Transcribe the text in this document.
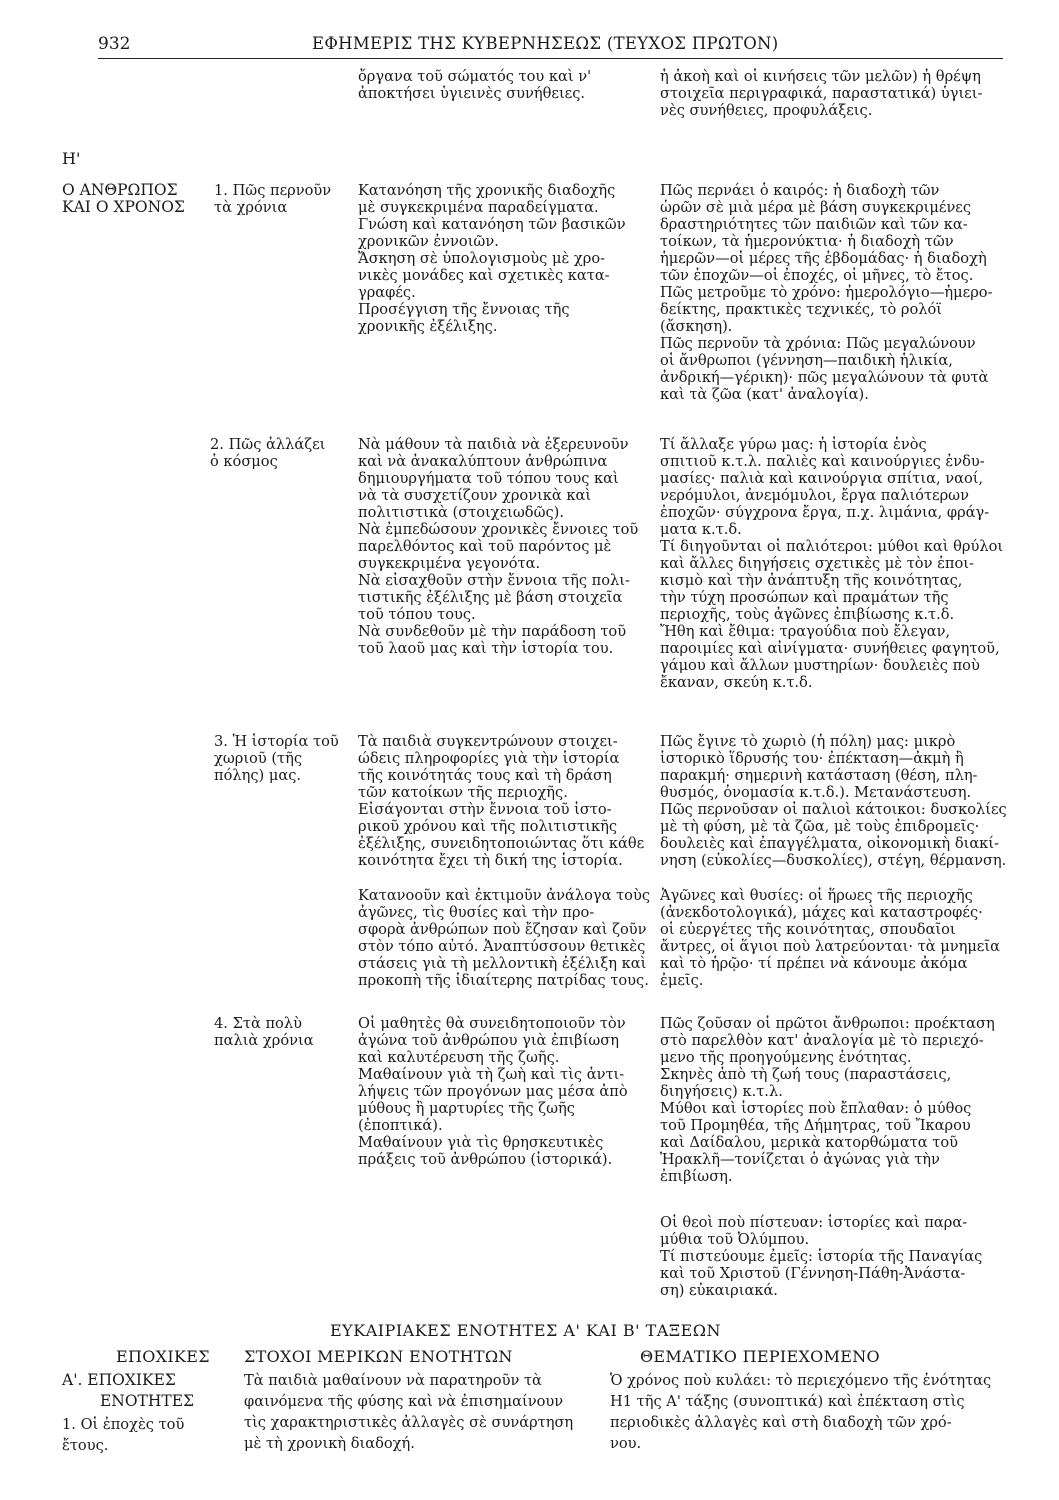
932	ΕΦΗΜΕΡΙΣ ΤΗΣ ΚΥΒΕΡΝΗΣΕΩΣ (ΤΕΥΧΟΣ ΠΡΩΤΟΝ)
ὄργανα τοῦ σώματός του καὶ ν'
ἀποκτήσει ὑγιεινὲς συνήθειες.
ἡ ἀκοὴ καὶ οἱ κινήσεις τῶν μελῶν) ἡ θρέψη
στοιχεῖα περιγραφικά, παραστατικά) ὑγιει-
νὲς συνήθειες, προφυλάξεις.
Η'
Ο ΑΝΘΡΩΠΟΣ
ΚΑΙ Ο ΧΡΟΝΟΣ
1. Πῶς περνοῦν
τὰ χρόνια
Κατανόηση τῆς χρονικῆς διαδοχῆς
μὲ συγκεκριμένα παραδείγματα.
Γνώση καὶ κατανόηση τῶν βασικῶν
χρονικῶν ἐννοιῶν.
Ἄσκηση σὲ ὑπολογισμοὺς μὲ χρο-
νικὲς μονάδες καὶ σχετικὲς κατα-
γραφές.
Προσέγγιση τῆς ἔννοιας τῆς
χρονικῆς ἐξέλιξης.
Πῶς περνάει ὁ καιρός: ἡ διαδοχὴ τῶν
ὡρῶν σὲ μιὰ μέρα μὲ βάση συγκεκριμένες
δραστηριότητες τῶν παιδιῶν καὶ τῶν κα-
τοίκων, τὰ ἡμερονύκτια· ἡ διαδοχὴ τῶν
ἡμερῶν—οἱ μέρες τῆς ἑβδομάδας· ἡ διαδοχὴ
τῶν ἐποχῶν—οἱ ἐποχές, οἱ μῆνες, τὸ ἔτος.
Πῶς μετροῦμε τὸ χρόνο: ἡμερολόγιο—ἡμερο-
δείκτης, πρακτικὲς τεχνικές, τὸ ρολόϊ
(ἄσκηση).
Πῶς περνοῦν τὰ χρόνια: Πῶς μεγαλώνουν
οἱ ἄνθρωποι (γέννηση—παιδικὴ ἡλικία,
ἀνδρική—γέρικη)· πῶς μεγαλώνουν τὰ φυτὰ
καὶ τὰ ζῶα (κατ' ἀναλογία).
2. Πῶς ἀλλάζει
ὁ κόσμος
Νὰ μάθουν τὰ παιδιὰ νὰ ἐξερευνοῦν
καὶ νὰ ἀνακαλύπτουν ἀνθρώπινα
δημιουργήματα τοῦ τόπου τους καὶ
νὰ τὰ συσχετίζουν χρονικὰ καὶ
πολιτιστικὰ (στοιχειωδῶς).
Νὰ ἐμπεδώσουν χρονικὲς ἔννοιες τοῦ
παρελθόντος καὶ τοῦ παρόντος μὲ
συγκεκριμένα γεγονότα.
Νὰ εἰσαχθοῦν στὴν ἔννοια τῆς πολι-
τιστικῆς ἐξέλιξης μὲ βάση στοιχεῖα
τοῦ τόπου τους.
Νὰ συνδεθοῦν μὲ τὴν παράδοση τοῦ
τοῦ λαοῦ μας καὶ τὴν ἱστορία του.
Τί ἄλλαξε γύρω μας: ἡ ἱστορία ἑνὸς
σπιτιοῦ κ.τ.λ. παλιὲς καὶ καινούργιες ἐνδυ-
μασίες· παλιὰ καὶ καινούργια σπίτια, ναοί,
νερόμυλοι, ἀνεμόμυλοι, ἔργα παλιότερων
ἐποχῶν· σύγχρονα ἔργα, π.χ. λιμάνια, φράγ-
ματα κ.τ.δ.
Τί διηγοῦνται οἱ παλιότεροι: μύθοι καὶ θρύλοι
καὶ ἄλλες διηγήσεις σχετικὲς μὲ τὸν ἐποι-
κισμὸ καὶ τὴν ἀνάπτυξη τῆς κοινότητας,
τὴν τύχη προσώπων καὶ πραμάτων τῆς
περιοχῆς, τοὺς ἀγῶνες ἐπιβίωσης κ.τ.δ.
Ἤθη καὶ ἔθιμα: τραγούδια ποὺ ἔλεγαν,
παροιμίες καὶ αἰνίγματα· συνήθειες φαγητοῦ,
γάμου καὶ ἄλλων μυστηρίων· δουλειὲς ποὺ
ἔκαναν, σκεύη κ.τ.δ.
3. Ἡ ἱστορία τοῦ
χωριοῦ (τῆς
πόλης) μας.
Τὰ παιδιὰ συγκεντρώνουν στοιχει-
ώδεις πληροφορίες γιὰ τὴν ἱστορία
τῆς κοινότητάς τους καὶ τὴ δράση
τῶν κατοίκων τῆς περιοχῆς.
Εἰσάγονται στὴν ἔννοια τοῦ ἱστο-
ρικοῦ χρόνου καὶ τῆς πολιτιστικῆς
ἐξέλιξης, συνειδητοποιώντας ὅτι κάθε
κοινότητα ἔχει τὴ δική της ἱστορία.
Πῶς ἔγινε τὸ χωριὸ (ἡ πόλη) μας: μικρὸ
ἱστορικὸ ἵδρυσής του· ἐπέκταση—ἀκμὴ ἢ
παρακμή· σημερινὴ κατάσταση (θέση, πλη-
θυσμός, ὀνομασία κ.τ.δ.). Μετανάστευση.
Πῶς περνοῦσαν οἱ παλιοὶ κάτοικοι: δυσκολίες
μὲ τὴ φύση, μὲ τὰ ζῶα, μὲ τοὺς ἐπιδρομεῖς·
δουλειὲς καὶ ἐπαγγέλματα, οἰκονομικὴ διακί-
νηση (εὐκολίες—δυσκολίες), στέγη, θέρμανση.
Κατανοοῦν καὶ ἐκτιμοῦν ἀνάλογα τοὺς
ἀγῶνες, τὶς θυσίες καὶ τὴν προ-
σφορὰ ἀνθρώπων ποὺ ἔζησαν καὶ ζοῦν
στὸν τόπο αὐτό. Ἀναπτύσσουν θετικὲς
στάσεις γιὰ τὴ μελλοντικὴ ἐξέλιξη καὶ
προκοπὴ τῆς ἰδιαίτερης πατρίδας τους.
Ἀγῶνες καὶ θυσίες: οἱ ἥρωες τῆς περιοχῆς
(ἀνεκδοτολογικά), μάχες καὶ καταστροφές·
οἱ εὐεργέτες τῆς κοινότητας, σπουδαῖοι
ἄντρες, οἱ ἅγιοι ποὺ λατρεύονται· τὰ μνημεῖα
καὶ τὸ ἡρῷο· τί πρέπει νὰ κάνουμε ἀκόμα
ἐμεῖς.
4. Στὰ πολὺ
παλιὰ χρόνια
Οἱ μαθητὲς θὰ συνειδητοποιοῦν τὸν
ἀγώνα τοῦ ἀνθρώπου γιὰ ἐπιβίωση
καὶ καλυτέρευση τῆς ζωῆς.
Μαθαίνουν γιὰ τὴ ζωὴ καὶ τὶς ἀντι-
λήψεις τῶν προγόνων μας μέσα ἀπὸ
μύθους ἢ μαρτυρίες τῆς ζωῆς
(ἐποπτικά).
Μαθαίνουν γιὰ τὶς θρησκευτικὲς
πράξεις τοῦ ἀνθρώπου (ἱστορικά).
Πῶς ζοῦσαν οἱ πρῶτοι ἄνθρωποι: προέκταση
στὸ παρελθὸν κατ' ἀναλογία μὲ τὸ περιεχό-
μενο τῆς προηγούμενης ἑνότητας.
Σκηνὲς ἀπὸ τὴ ζωή τους (παραστάσεις,
διηγήσεις) κ.τ.λ.
Μύθοι καὶ ἱστορίες ποὺ ἔπλαθαν: ὁ μύθος
τοῦ Προμηθέα, τῆς Δήμητρας, τοῦ Ἴκαρου
καὶ Δαίδαλου, μερικὰ κατορθώματα τοῦ
Ἡρακλῆ—τονίζεται ὁ ἀγώνας γιὰ τὴν
ἐπιβίωση.
Οἱ θεοὶ ποὺ πίστευαν: ἱστορίες καὶ παρα-
μύθια τοῦ Ὀλύμπου.
Τί πιστεύουμε ἐμεῖς: ἱστορία τῆς Παναγίας
καὶ τοῦ Χριστοῦ (Γέννηση-Πάθη-Ἀνάστα-
ση) εὐκαιριακά.
ΕΥΚΑΙΡΙΑΚΕΣ ΕΝΟΤΗΤΕΣ Α' ΚΑΙ Β' ΤΑΞΕΩΝ
ΕΠΟΧΙΚΕΣ ΣΤΟΧΟΙ ΜΕΡΙΚΩΝ ΕΝΟΤΗΤΩΝ	ΘΕΜΑΤΙΚΟ ΠΕΡΙΕΧΟΜΕΝΟ
Α'. ΕΠΟΧΙΚΕΣ
ΕΝΟΤΗΤΕΣ
1. Οἱ ἐποχὲς τοῦ
ἔτους.
Τὰ παιδιὰ μαθαίνουν νὰ παρατηροῦν τὰ
φαινόμενα τῆς φύσης καὶ νὰ ἐπισημαίνουν
τὶς χαρακτηριστικὲς ἀλλαγὲς σὲ συνάρτηση
μὲ τὴ χρονικὴ διαδοχή.
Ὁ χρόνος ποὺ κυλάει: τὸ περιεχόμενο τῆς ἑνότητας
Η1 τῆς Α' τάξης (συνοπτικά) καὶ ἐπέκταση στὶς
περιοδικὲς ἀλλαγὲς καὶ στὴ διαδοχὴ τῶν χρό-
νου.
